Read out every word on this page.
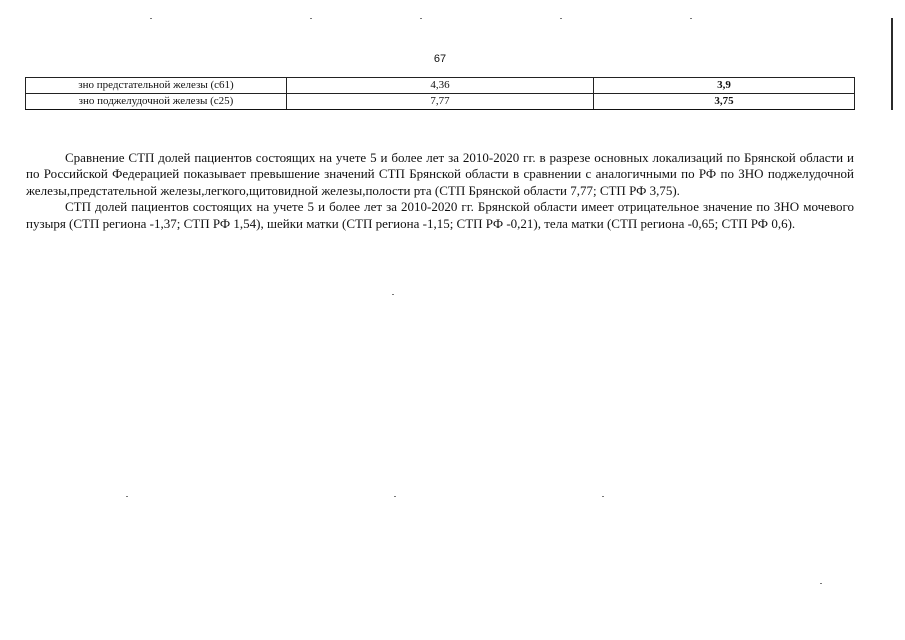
67
зно предстательной железы (c61)	4,36	3,9
зно поджелудочной железы (c25)	7,77	3,75

Сравнение СТП долей пациентов состоящих на учете 5 и более лет за 2010-2020 гг. в разрезе основных локализаций по Брянской области и по Российской Федерацией показывает превышение значений СТП Брянской области в сравнении с аналогичными по РФ по ЗНО поджелудочной железы,предстательной железы,легкого,щитовидной железы,полости рта (СТП Брянской области 7,77; СТП РФ 3,75).

СТП долей пациентов состоящих на учете 5 и более лет за 2010-2020 гг. Брянской области имеет отрицательное значение по ЗНО мочевого пузыря (СТП региона -1,37; СТП РФ 1,54), шейки матки (СТП региона -1,15; СТП РФ -0,21), тела матки (СТП региона -0,65; СТП РФ 0,6).
